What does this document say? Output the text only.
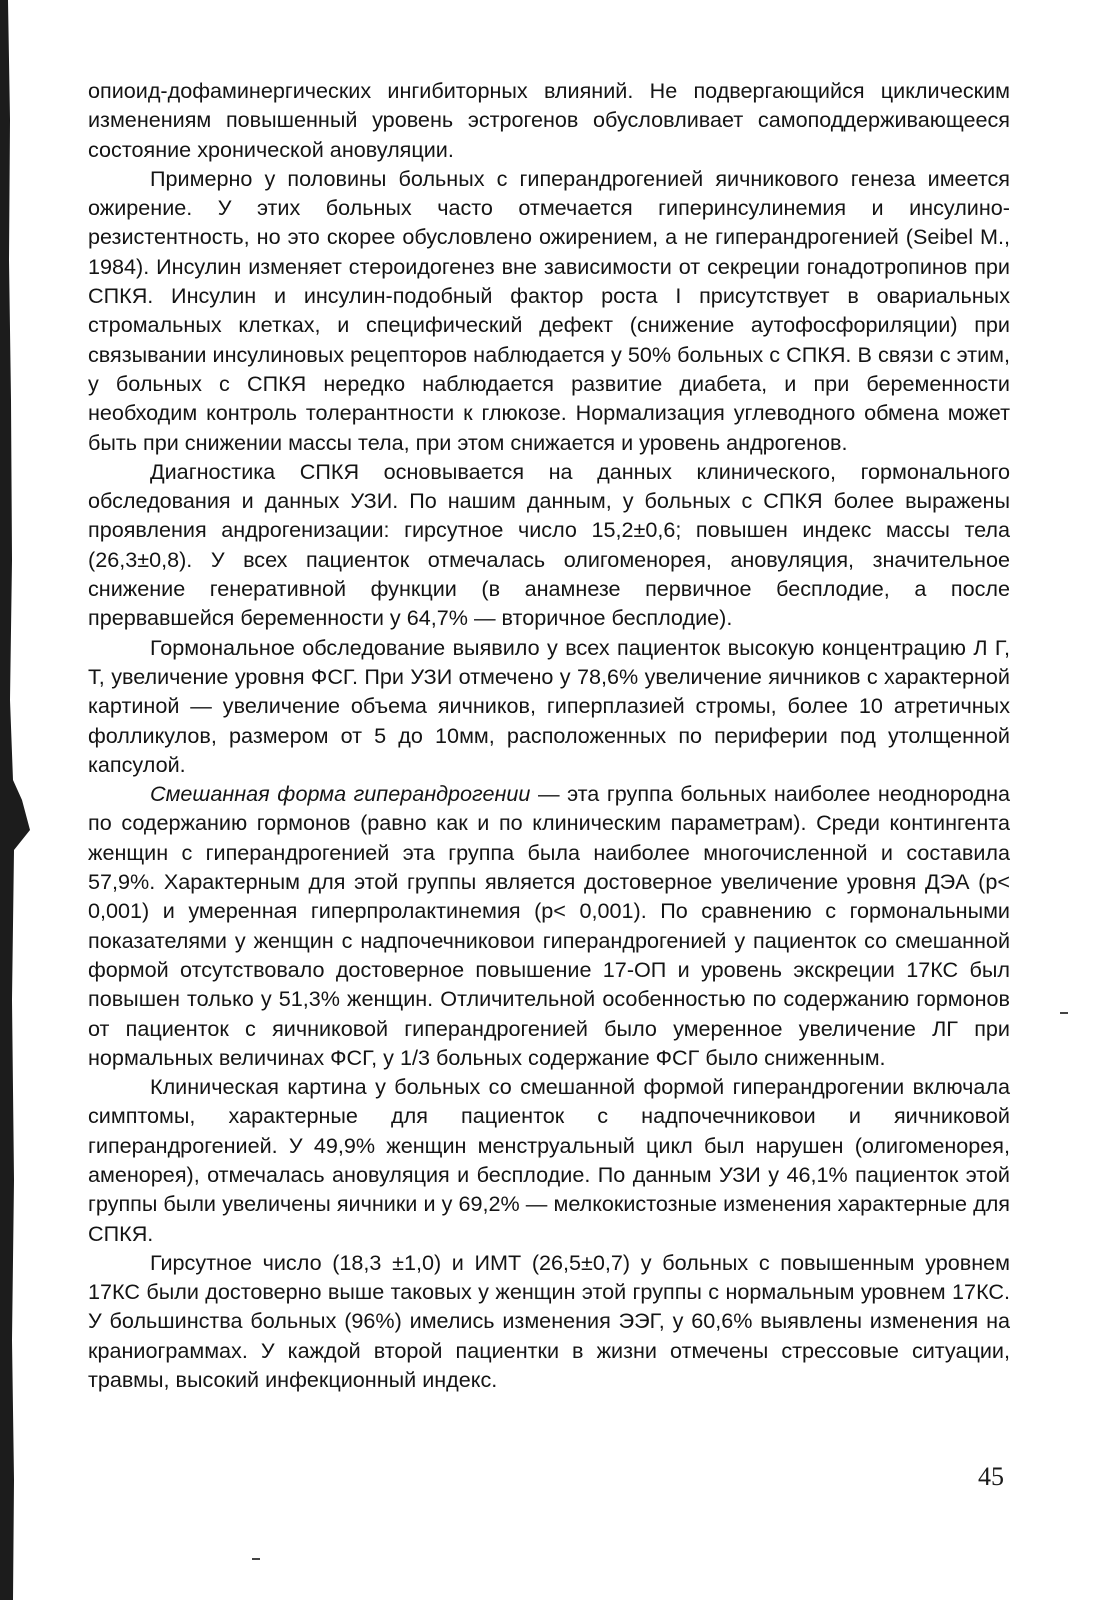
опиоид-дофаминергических ингибиторных влияний. Не подвергающийся циклическим изменениям повышенный уровень эстрогенов обусловливает самоподдерживающееся состояние хронической ановуляции.

Примерно у половины больных с гиперандрогенией яичникового генеза имеется ожирение. У этих больных часто отмечается гиперинсулинемия и инсулино-резистентность, но это скорее обусловлено ожирением, а не гиперандрогенией (Seibel М., 1984). Инсулин изменяет стероидогенез вне зависимости от секреции гонадотропинов при СПКЯ. Инсулин и инсулин-подобный фактор роста I присутствует в овариальных стромальных клетках, и специфический дефект (снижение аутофосфориляции) при связывании инсулиновых рецепторов наблюдается у 50% больных с СПКЯ. В связи с этим, у больных с СПКЯ нередко наблюдается развитие диабета, и при беременности необходим контроль толерантности к глюкозе. Нормализация углеводного обмена может быть при снижении массы тела, при этом снижается и уровень андрогенов.

Диагностика СПКЯ основывается на данных клинического, гормонального обследования и данных УЗИ. По нашим данным, у больных с СПКЯ более выражены проявления андрогенизации: гирсутное число 15,2±0,6; повышен индекс массы тела (26,3±0,8). У всех пациенток отмечалась олигоменорея, ановуляция, значительное снижение генеративной функции (в анамнезе первичное бесплодие, а после прервавшейся беременности у 64,7% — вторичное бесплодие).

Гормональное обследование выявило у всех пациенток высокую концентрацию Л Г, Т, увеличение уровня ФСГ. При УЗИ отмечено у 78,6% увеличение яичников с характерной картиной — увеличение объема яичников, гиперплазией стромы, более 10 атретичных фолликулов, размером от 5 до 10мм, расположенных по периферии под утолщенной капсулой.

Смешанная форма гиперандрогении — эта группа больных наиболее неоднородна по содержанию гормонов (равно как и по клиническим параметрам). Среди контингента женщин с гиперандрогенией эта группа была наиболее многочисленной и составила 57,9%. Характерным для этой группы является достоверное увеличение уровня ДЭА (р< 0,001) и умеренная гиперпролактинемия (р< 0,001). По сравнению с гормональными показателями у женщин с надпочечниковои гиперандрогенией у пациенток со смешанной формой отсутствовало достоверное повышение 17-ОП и уровень экскреции 17КС был повышен только у 51,3% женщин. Отличительной особенностью по содержанию гормонов от пациенток с яичниковой гиперандрогенией было умеренное увеличение ЛГ при нормальных величинах ФСГ, у 1/3 больных содержание ФСГ было сниженным.

Клиническая картина у больных со смешанной формой гиперандрогении включала симптомы, характерные для пациенток с надпочечниковои и яичниковой гиперандрогенией. У 49,9% женщин менструальный цикл был нарушен (олигоменорея, аменорея), отмечалась ановуляция и бесплодие. По данным УЗИ у 46,1% пациенток этой группы были увеличены яичники и у 69,2% — мелкокистозные изменения характерные для СПКЯ.

Гирсутное число (18,3 ±1,0) и ИМТ (26,5±0,7) у больных с повышенным уровнем 17КС были достоверно выше таковых у женщин этой группы с нормальным уровнем 17КС. У большинства больных (96%) имелись изменения ЭЭГ, у 60,6% выявлены изменения на краниограммах. У каждой второй пациентки в жизни отмечены стрессовые ситуации, травмы, высокий инфекционный индекс.

45
